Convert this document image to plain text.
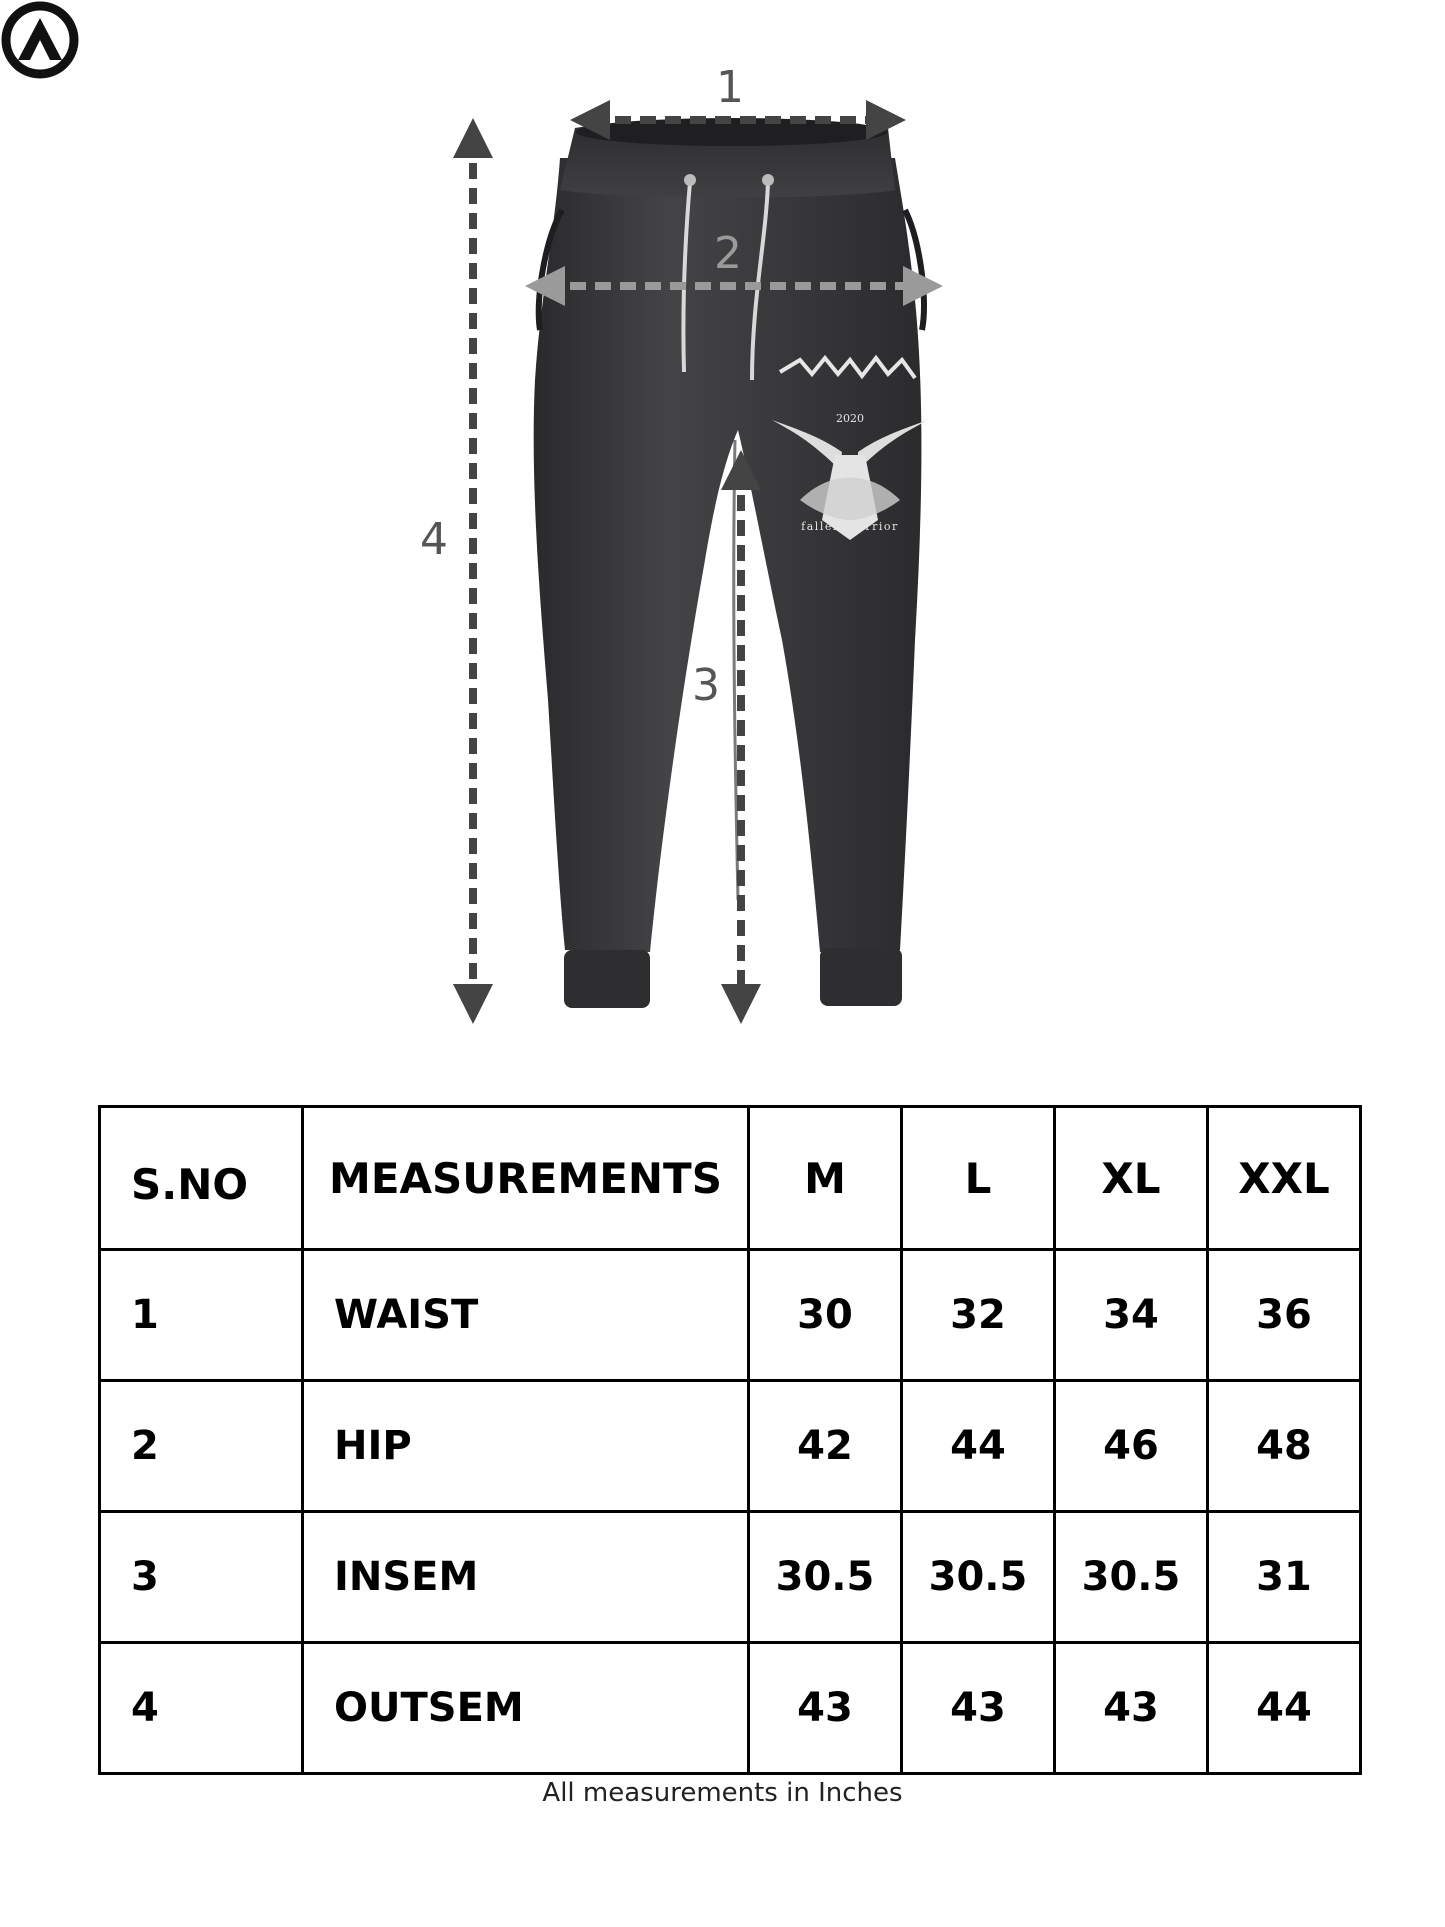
2020
fallen warrior
1
2
3
4
S.NO	MEASUREMENTS	M	L	XL	XXL
1	WAIST	30	32	34	36
2	HIP	42	44	46	48
3	INSEM	30.5	30.5	30.5	31
4	OUTSEM	43	43	43	44
All measurements in Inches
